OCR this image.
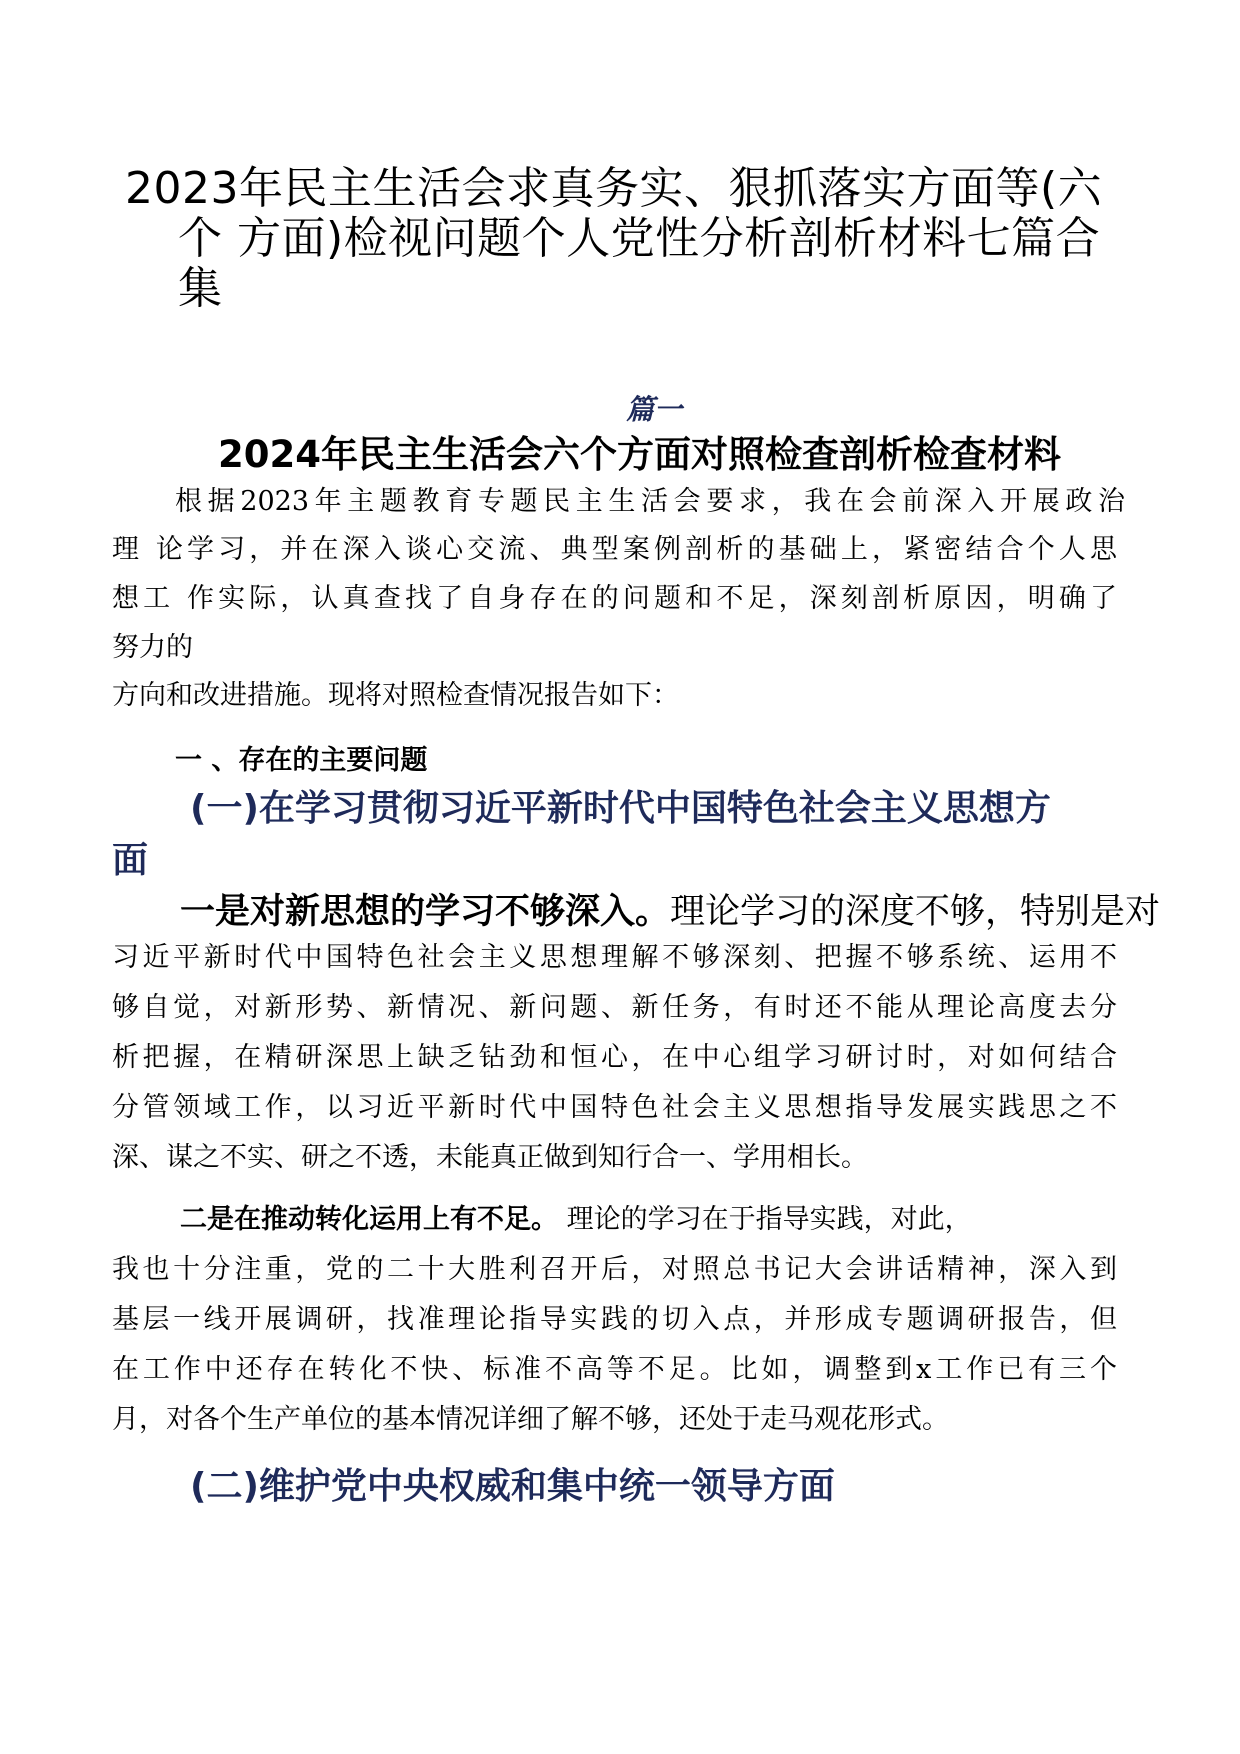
2023年民主生活会求真务实、狠抓落实方面等(六
个 方面)检视问题个人党性分析剖析材料七篇合
集
篇一
2024年民主生活会六个方面对照检查剖析检查材料
根据2023年主题教育专题民主生活会要求，我在会前深入开展政治
理 论学习，并在深入谈心交流、典型案例剖析的基础上，紧密结合个人思
想工 作实际，认真查找了自身存在的问题和不足，深刻剖析原因，明确了
努力的
方向和改进措施。现将对照检查情况报告如下：
一 、存在的主要问题
(一)在学习贯彻习近平新时代中国特色社会主义思想方
面
一是对新思想的学习不够深入。理论学习的深度不够，特别是对
习近平新时代中国特色社会主义思想理解不够深刻、把握不够系统、运用不
够自觉，对新形势、新情况、新问题、新任务，有时还不能从理论高度去分
析把握，在精研深思上缺乏钻劲和恒心，在中心组学习研讨时，对如何结合
分管领域工作，以习近平新时代中国特色社会主义思想指导发展实践思之不
深、谋之不实、研之不透，未能真正做到知行合一、学用相长。
二是在推动转化运用上有不足。 理论的学习在于指导实践，对此，
我也十分注重，党的二十大胜利召开后，对照总书记大会讲话精神，深入到
基层一线开展调研，找准理论指导实践的切入点，并形成专题调研报告，但
在工作中还存在转化不快、标准不高等不足。比如，调整到x工作已有三个
月，对各个生产单位的基本情况详细了解不够，还处于走马观花形式。
(二)维护党中央权威和集中统一领导方面
